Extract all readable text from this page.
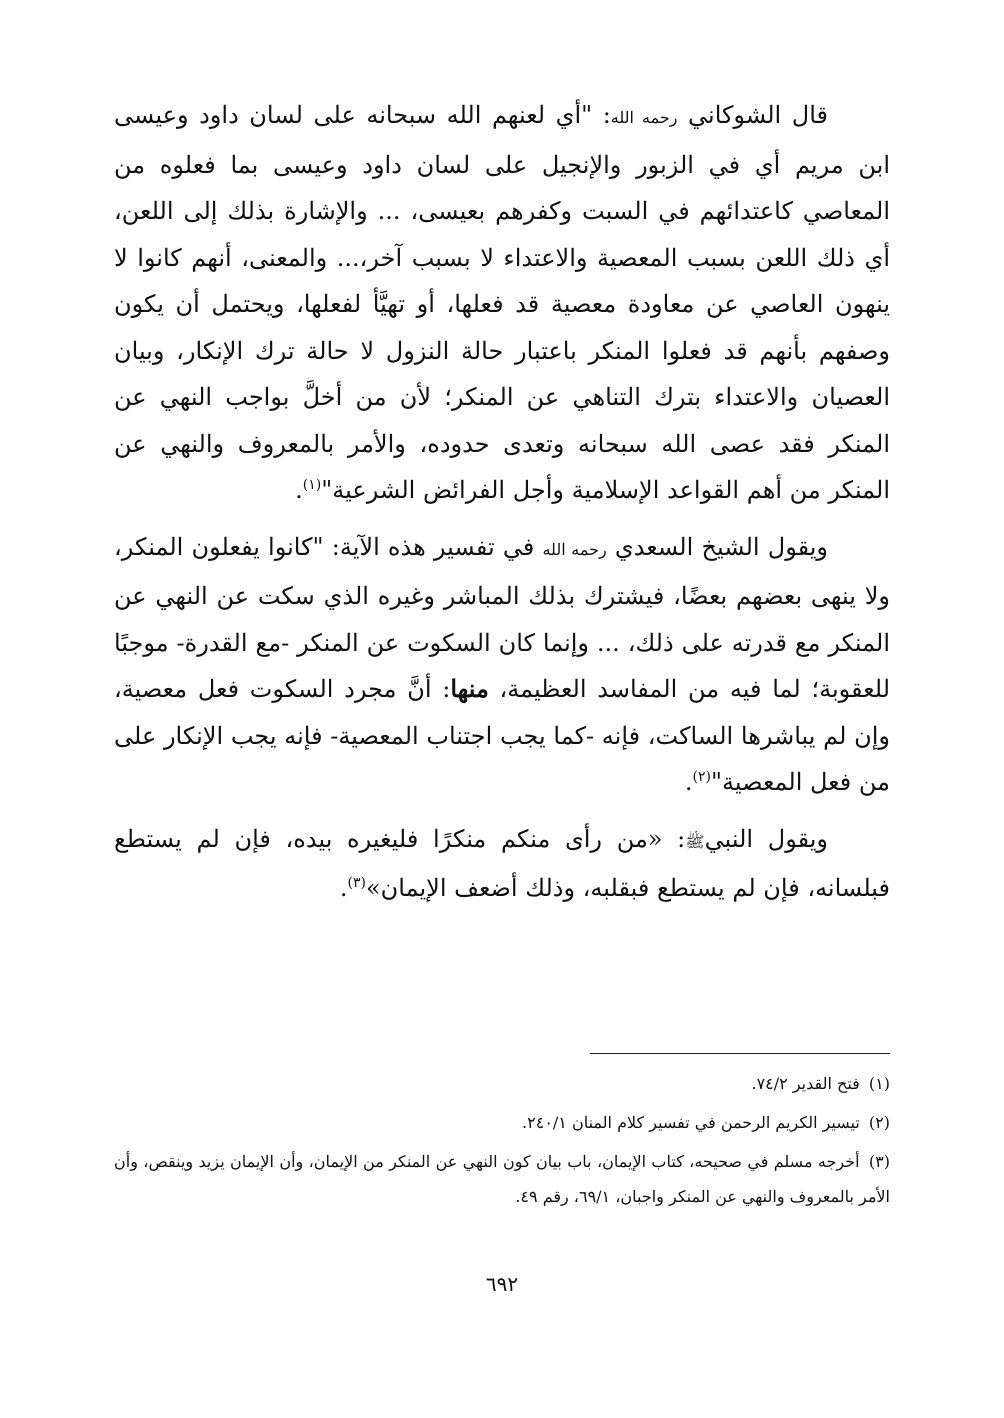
قال الشوكاني رحمه الله: "أي لعنهم الله سبحانه على لسان داود وعيسى ابن مريم أي في الزبور والإنجيل على لسان داود وعيسى بما فعلوه من المعاصي كاعتدائهم في السبت وكفرهم بعيسى، ... والإشارة بذلك إلى اللعن، أي ذلك اللعن بسبب المعصية والاعتداء لا بسبب آخر،... والمعنى، أنهم كانوا لا ينهون العاصي عن معاودة معصية قد فعلها، أو تهيَّأ لفعلها، ويحتمل أن يكون وصفهم بأنهم قد فعلوا المنكر باعتبار حالة النزول لا حالة ترك الإنكار، وبيان العصيان والاعتداء بترك التناهي عن المنكر؛ لأن من أخلَّ بواجب النهي عن المنكر فقد عصى الله سبحانه وتعدى حدوده، والأمر بالمعروف والنهي عن المنكر من أهم القواعد الإسلامية وأجل الفرائض الشرعية"$^{(١)}$.

ويقول الشيخ السعدي رحمه الله في تفسير هذه الآية: "كانوا يفعلون المنكر، ولا ينهى بعضهم بعضًا، فيشترك بذلك المباشر وغيره الذي سكت عن النهي عن المنكر مع قدرته على ذلك، ... وإنما كان السكوت عن المنكر -مع القدرة- موجبًا للعقوبة؛ لما فيه من المفاسد العظيمة، منها: أنَّ مجرد السكوت فعل معصية، وإن لم يباشرها الساكت، فإنه -كما يجب اجتناب المعصية- فإنه يجب الإنكار على من فعل المعصية"$^{(٢)}$.

ويقول النبيﷺ: «من رأى منكم منكرًا فليغيره بيده، فإن لم يستطع فبلسانه، فإن لم يستطع فبقلبه، وذلك أضعف الإيمان»$^{(٣)}$.

(١) فتح القدير ٧٤/٢.

(٢) تيسير الكريم الرحمن في تفسير كلام المنان ٢٤٠/١.

(٣) أخرجه مسلم في صحيحه، كتاب الإيمان، باب بيان كون النهي عن المنكر من الإيمان، وأن الإيمان يزيد وينقص، وأن الأمر بالمعروف والنهي عن المنكر واجبان، ٦٩/١، رقم ٤٩.

٦٩٢
